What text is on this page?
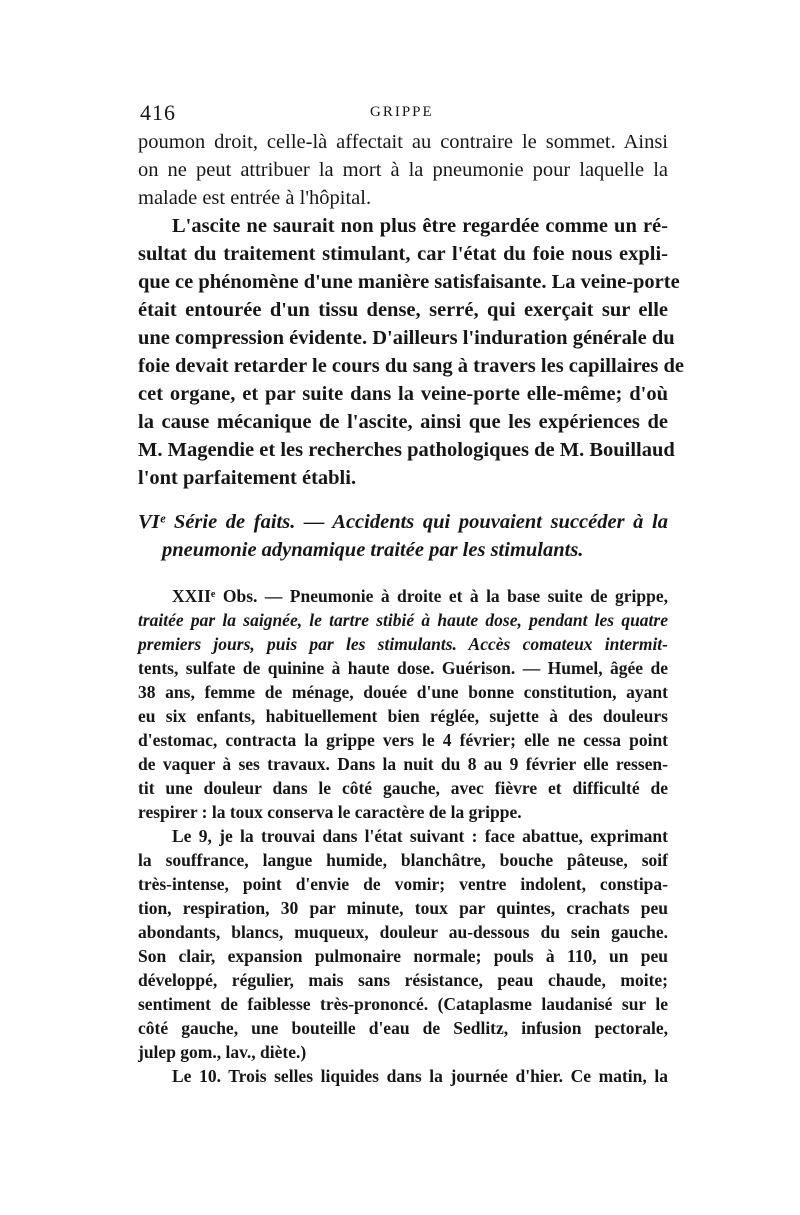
416	GRIPPE
poumon droit, celle-là affectait au contraire le sommet. Ainsi
on ne peut attribuer la mort à la pneumonie pour laquelle la
malade est entrée à l'hôpital.
L'ascite ne saurait non plus être regardée comme un ré-
sultat du traitement stimulant, car l'état du foie nous expli-
que ce phénomène d'une manière satisfaisante. La veine-porte
était entourée d'un tissu dense, serré, qui exerçait sur elle
une compression évidente. D'ailleurs l'induration générale du
foie devait retarder le cours du sang à travers les capillaires de
cet organe, et par suite dans la veine-porte elle-même; d'où
la cause mécanique de l'ascite, ainsi que les expériences de
M. Magendie et les recherches pathologiques de M. Bouillaud
l'ont parfaitement établi.
VIᵉ Série de faits. — Accidents qui pouvaient succéder à la
pneumonie adynamique traitée par les stimulants.
XXIIᵉ Obs. — Pneumonie à droite et à la base suite de grippe,
traitée par la saignée, le tartre stibié à haute dose, pendant les quatre
premiers jours, puis par les stimulants. Accès comateux intermit-
tents, sulfate de quinine à haute dose. Guérison. — Humel, âgée de
38 ans, femme de ménage, douée d'une bonne constitution, ayant
eu six enfants, habituellement bien réglée, sujette à des douleurs
d'estomac, contracta la grippe vers le 4 février; elle ne cessa point
de vaquer à ses travaux. Dans la nuit du 8 au 9 février elle ressen-
tit une douleur dans le côté gauche, avec fièvre et difficulté de
respirer : la toux conserva le caractère de la grippe.
Le 9, je la trouvai dans l'état suivant : face abattue, exprimant
la souffrance, langue humide, blanchâtre, bouche pâteuse, soif
très-intense, point d'envie de vomir; ventre indolent, constipa-
tion, respiration, 30 par minute, toux par quintes, crachats peu
abondants, blancs, muqueux, douleur au-dessous du sein gauche.
Son clair, expansion pulmonaire normale; pouls à 110, un peu
développé, régulier, mais sans résistance, peau chaude, moite;
sentiment de faiblesse très-prononcé. (Cataplasme laudanisé sur le
côté gauche, une bouteille d'eau de Sedlitz, infusion pectorale,
julep gom., lav., diète.)
Le 10. Trois selles liquides dans la journée d'hier. Ce matin, la
